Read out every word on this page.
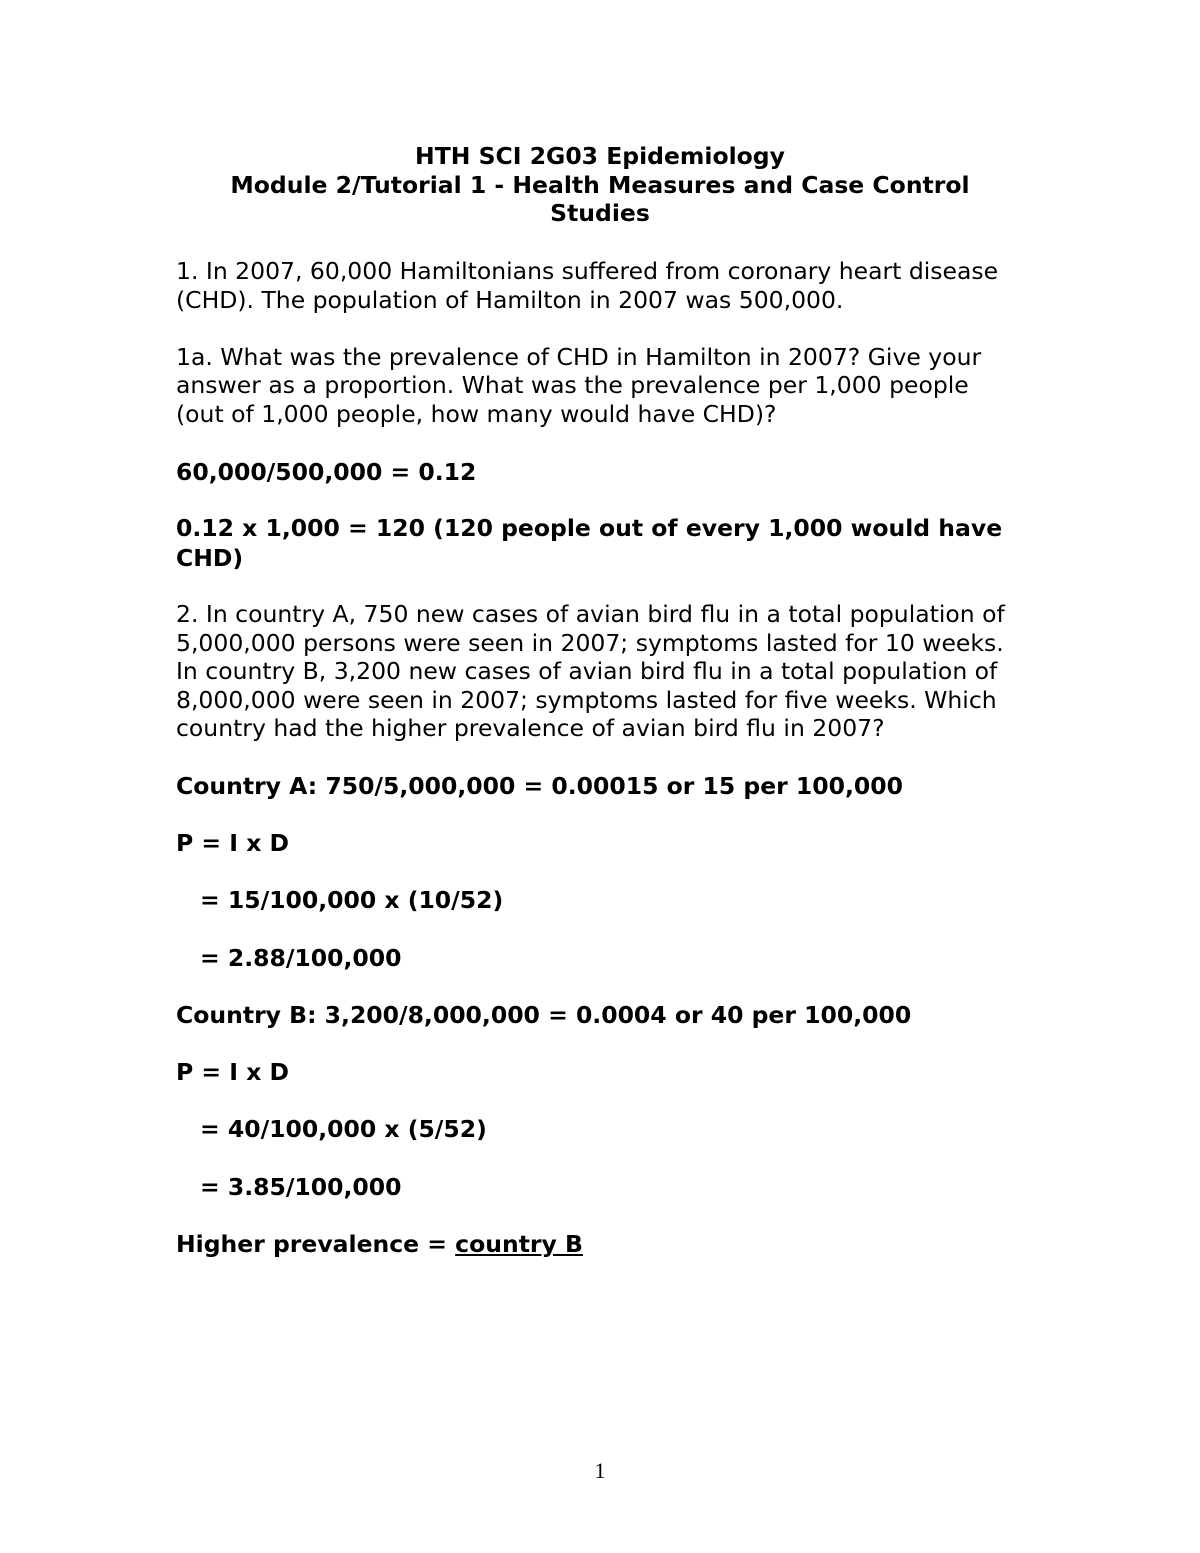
HTH SCI 2G03 Epidemiology
Module 2/Tutorial 1 - Health Measures and Case Control
Studies
1. In 2007, 60,000 Hamiltonians suffered from coronary heart disease
(CHD). The population of Hamilton in 2007 was 500,000.
1a. What was the prevalence of CHD in Hamilton in 2007? Give your
answer as a proportion. What was the prevalence per 1,000 people
(out of 1,000 people, how many would have CHD)?
60,000/500,000 = 0.12
0.12 x 1,000 = 120 (120 people out of every 1,000 would have
CHD)
2. In country A, 750 new cases of avian bird flu in a total population of
5,000,000 persons were seen in 2007; symptoms lasted for 10 weeks.
In country B, 3,200 new cases of avian bird flu in a total population of
8,000,000 were seen in 2007; symptoms lasted for five weeks. Which
country had the higher prevalence of avian bird flu in 2007?
Country A: 750/5,000,000 = 0.00015 or 15 per 100,000
P = I x D
= 15/100,000 x (10/52)
= 2.88/100,000
Country B: 3,200/8,000,000 = 0.0004 or 40 per 100,000
P = I x D
= 40/100,000 x (5/52)
= 3.85/100,000
Higher prevalence = country B
1
